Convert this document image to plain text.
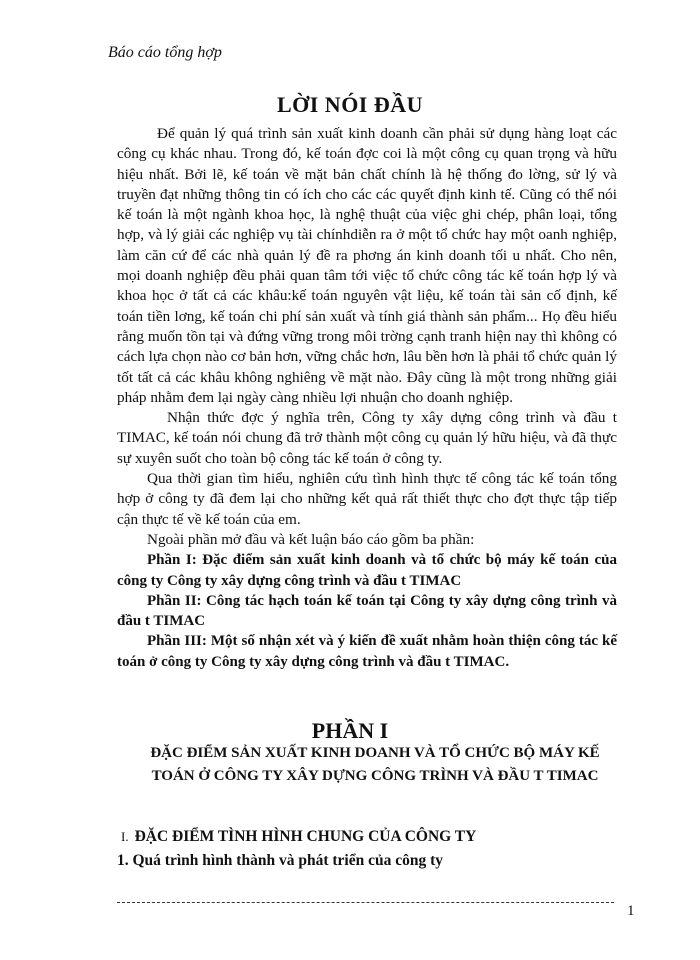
Báo cáo tổng hợp
LỜI NÓI ĐẦU

Để quản lý quá trình sản xuất kinh doanh cần phải sử dụng hàng loạt các công cụ khác nhau. Trong đó, kế toán đợc coi là một công cụ quan trọng và hữu hiệu nhất. Bởi lẽ, kế toán về mặt bản chất chính là hệ thống đo lờng, sử lý và truyền đạt những thông tin có ích cho các các quyết định kinh tế. Cũng có thể nói kế toán là một ngành khoa học, là nghệ thuật của việc ghi chép, phân loại, tổng hợp, và lý giải các nghiệp vụ tài chínhdiễn ra ở một tổ chức hay một oanh nghiệp, làm căn cứ để các nhà quản lý đề ra phơng án kinh doanh tối u nhất. Cho nên, mọi doanh nghiệp đều phải quan tâm tới việc tổ chức công tác kế toán hợp lý và khoa học ở tất cả các khâu:kế toán nguyên vật liệu, kế toán tài sản cố định, kế toán tiền lơng, kế toán chi phí sản xuất và tính giá thành sản phẩm... Họ đều hiểu rằng muốn tồn tại và đứng vững trong môi trờng cạnh tranh hiện nay thì không có cách lựa chọn nào cơ bản hơn, vững chắc hơn, lâu bền hơn là phải tổ chức quản lý tốt tất cả các khâu không nghiêng về mặt nào. Đây cũng là một trong những giải pháp nhằm đem lại ngày càng nhiều lợi nhuận cho doanh nghiệp.

Nhận thức đợc ý nghĩa trên, Công ty xây dựng công trình và đầu t TIMAC, kế toán nói chung đã trở thành một công cụ quản lý hữu hiệu, và đã thực sự xuyên suốt cho toàn bộ công tác kế toán ở công ty.

Qua thời gian tìm hiểu, nghiên cứu tình hình thực tế công tác kế toán tổng hợp ở công ty đã đem lại cho những kết quả rất thiết thực cho đợt thực tập tiếp cận thực tế về kế toán của em.

Ngoài phần mở đầu và kết luận báo cáo gồm ba phần:

Phần I: Đặc điểm sản xuất kinh doanh và tổ chức bộ máy kế toán của công ty Công ty xây dựng công trình và đầu t TIMAC

Phần II: Công tác hạch toán kế toán tại Công ty xây dựng công trình và đầu t TIMAC

Phần III: Một số nhận xét và ý kiến đề xuất nhằm hoàn thiện công tác kế toán ở công ty Công ty xây dựng công trình và đầu t TIMAC.

PHẦN I
ĐẶC ĐIỂM SẢN XUẤT KINH DOANH VÀ TỔ CHỨC BỘ MÁY KẾ TOÁN Ở CÔNG TY XÂY DỰNG CÔNG TRÌNH VÀ ĐẦU T TIMAC
I. ĐẶC ĐIỂM TÌNH HÌNH CHUNG CỦA CÔNG TY
1. Quá trình hình thành và phát triển của công ty
1
